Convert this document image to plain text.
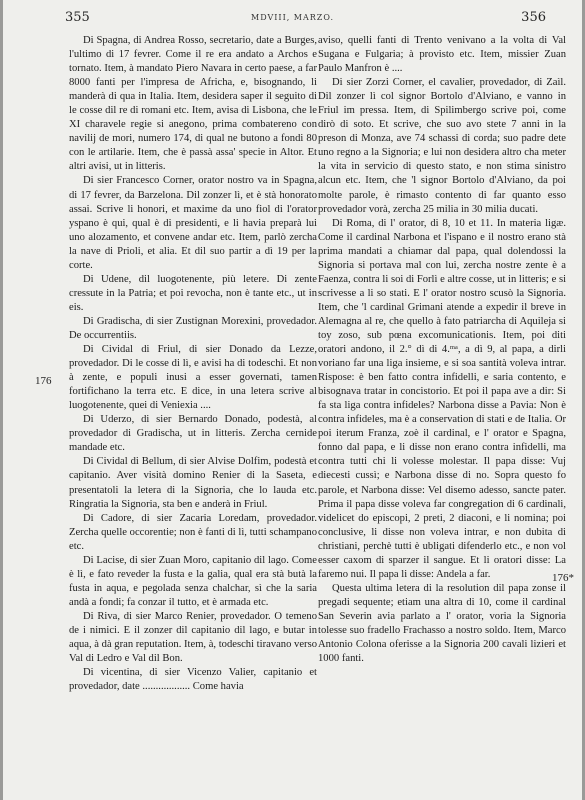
355	MDVIII, MARZO.	356
176
176*

Di Spagna, di Andrea Rosso, secretario, date a Burges, l'ultimo di 17 fevrer. Come il re era andato a Archos e tornato. Item, à mandato Piero Navara in certo paese, a far 8000 fanti per l'impresa de Africha, e, bisognando, li manderà di qua in Italia. Item, desidera saper il seguito di le cosse dil re di romani etc. Item, avisa di Lisbona, che le XI charavele regie si anegono, prima combatereno con navilij de mori, numero 174, di qual ne butono a fondi 80 con le artilarie. Item, che è passà assa' specie in Altor. Et altri avisi, ut in litteris.

Di sier Francesco Corner, orator nostro va in Spagna, di 17 fevrer, da Barzelona. Dil zonzer lì, et è stà honorato assai. Scrive li honori, et maxime da uno fiol di l'orator yspano è qui, qual è di presidenti, e li havia preparà lui uno alozamento, et convene andar etc. Item, parlò zercha la nave di Prioli, et alia. Et dil suo partir a dì 19 per la corte.

Di Udene, dil luogotenente, più letere. Di zente cressute in la Patria; et poi revocha, non è tante etc., ut in eis.

Di Gradischa, di sier Zustignan Morexini, provedador. De occurrentiis.

Di Cividal di Friul, di sier Donado da Lezze, provedador. Di le cosse di lì, e avisi ha di todeschi. Et non à zente, e populi inusi a esser governati, tamen fortifichano la terra etc. E dice, in una letera scrive al luogotenente, quei di Veniexia ....

Di Uderzo, di sier Bernardo Donado, podestà, al provedador di Gradischa, ut in litteris. Zercha cernide mandade etc.

Di Cividal di Bellum, di sier Alvise Dolfim, podestà et capitanio. Aver visità domino Renier di la Saseta, e presentatoli la letera di la Signoria, che lo lauda etc. Ringratia la Signoria, sta ben e anderà in Friul.

Di Cadore, di sier Zacaria Loredam, provedador. Zercha quelle occorentie; non è fanti di lì, tutti schampano etc.

Di Lacise, di sier Zuan Moro, capitanio dil lago. Come è lì, e fato reveder la fusta e la galia, qual era stà butà la fusta in aqua, e pegolada senza chalchar, sì che la saria andà a fondi; fa conzar il tutto, et è armada etc.

Di Riva, di sier Marco Renier, provedador. O temeno de i nimici. E il zonzer dil capitanio dil lago, e butar in aqua, à dà gran reputation. Item, à, todeschi tiravano verso Val di Ledro e Val dil Bon.

Di vicentina, di sier Vicenzo Valier, capitanio et provedador, date .................. Come havia

aviso, quelli fanti di Trento venivano a la volta di Val Sugana e Fulgaria; à provisto etc. Item, missier Zuan Paulo Manfron è ....

Di sier Zorzi Corner, el cavalier, provedador, di Zaìl. Dil zonzer lì col signor Bortolo d'Alviano, e vanno in Friul im pressa. Item, di Spilimbergo scrive poi, come dirò di soto. Et scrive, che suo avo stete 7 anni in la preson di Monza, ave 74 schassi di corda; suo padre dete uno regno a la Signoria; e lui non desidera altro cha meter la vita in servicio di questo stato, e non stima sinistro alcun etc. Item, che 'l signor Bortolo d'Alviano, da poi molte parole, è rimasto contento di far quanto esso provedador vorà, zercha 25 milia in 30 milia ducati.

Di Roma, di l' orator, di 8, 10 et 11. In materia ligæ. Come il cardinal Narbona et l'ispano e il nostro erano stà prima mandati a chiamar dal papa, qual dolendossi la Signoria si portava mal con lui, zercha nostre zente è a Faenza, contra li soi di Forlì e altre cosse, ut in litteris; e si scrivesse a li so stati. E l' orator nostro scusò la Signoria. Item, che 'l cardinal Grimani atende a expedir il breve in Alemagna al re, che quello à fato patriarcha di Aquileja si toy zoso, sub pœna excomunicationis. Item, poi diti oratori andono, il 2.° dì di 4.ᵐᵃ, a dì 9, al papa, a dirli voriano far una liga insieme, e si soa santità voleva intrar. Rispose: è ben fatto contra infidelli, e saria contento, e bisognava tratar in concistorio. Et poi il papa ave a dir: Si fa sta liga contra infideles? Narbona disse a Pavia: Non è contra infideles, ma è a conservation di stati e de Italia. Or poi iterum Franza, zoè il cardinal, e l' orator e Spagna, fonno dal papa, e li disse non erano contra infidelli, ma contra tutti chi li volesse molestar. Il papa disse: Vuj diecesti cussì; e Narbona disse di no. Sopra questo fo parole, et Narbona disse: Vel disemo adesso, sancte pater. Prima il papa disse voleva far congregation di 6 cardinali, videlicet do episcopi, 2 preti, 2 diaconi, e li nomina; poi conclusive, li disse non voleva intrar, e non dubita di christiani, perchè tutti è ubligati difenderlo etc., e non vol esser caxom di sparzer il sangue. Et li oratori disse: La faremo nui. Il papa li disse: Andela a far.

Questa ultima letera di la resolution dil papa zonse il pregadi sequente; etiam una altra di 10, come il cardinal San Severin avia parlato a l' orator, voria la Signoria tolesse suo fradello Frachasso a nostro soldo. Item, Marco Antonio Colona oferisse a la Signoria 200 cavali lizieri et 1000 fanti.
